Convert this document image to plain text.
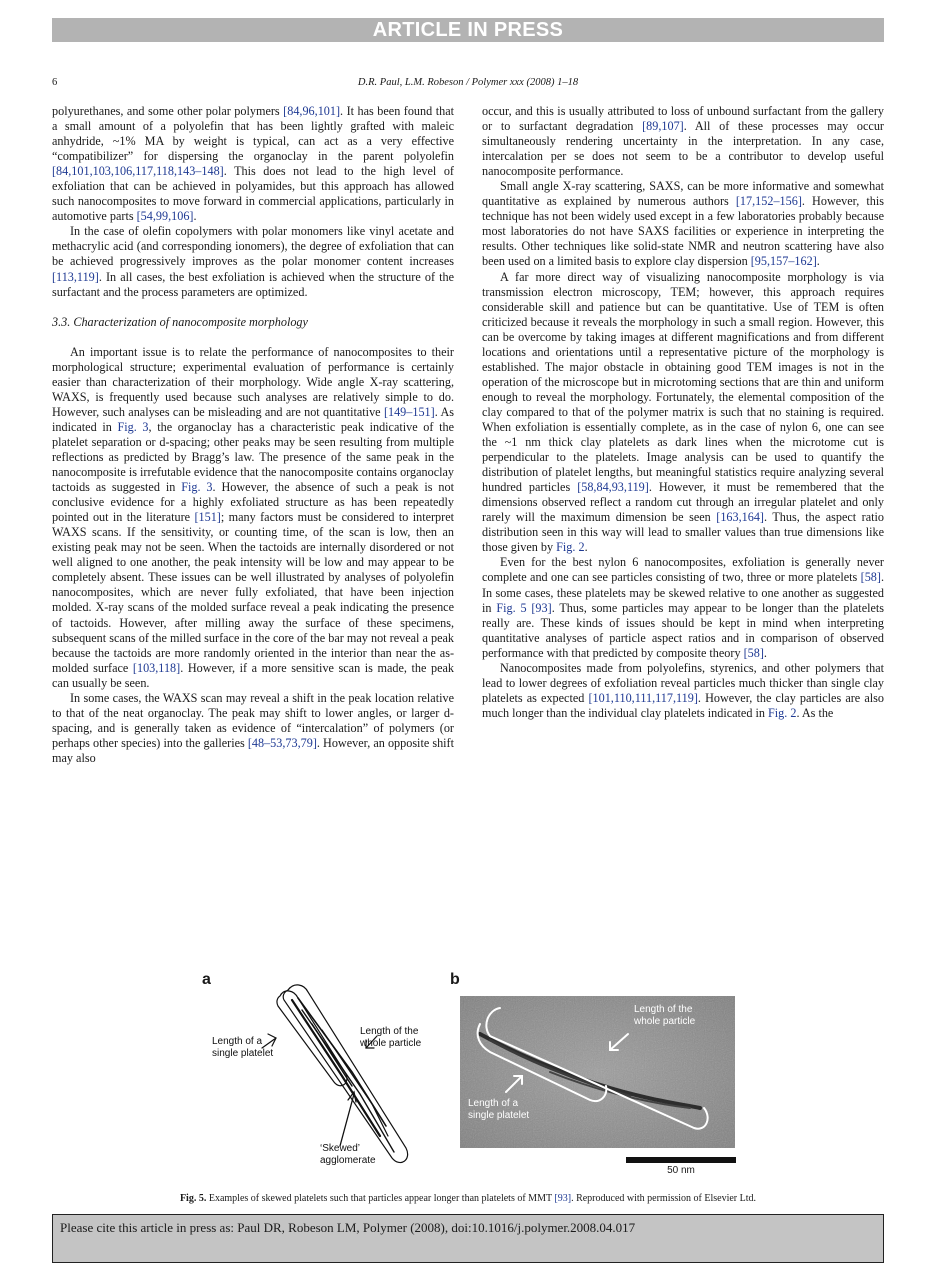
ARTICLE IN PRESS
6	D.R. Paul, L.M. Robeson / Polymer xxx (2008) 1–18

polyurethanes, and some other polar polymers [84,96,101]. It has been found that a small amount of a polyolefin that has been lightly grafted with maleic anhydride, ~1% MA by weight is typical, can act as a very effective “compatibilizer” for dispersing the organoclay in the parent polyolefin [84,101,103,106,117,118,143–148]. This does not lead to the high level of exfoliation that can be achieved in polyamides, but this approach has allowed such nanocomposites to move forward in commercial applications, particularly in automotive parts [54,99,106].

In the case of olefin copolymers with polar monomers like vinyl acetate and methacrylic acid (and corresponding ionomers), the degree of exfoliation that can be achieved progressively improves as the polar monomer content increases [113,119]. In all cases, the best exfoliation is achieved when the structure of the surfactant and the process parameters are optimized.

3.3. Characterization of nanocomposite morphology

An important issue is to relate the performance of nanocomposites to their morphological structure; experimental evaluation of performance is certainly easier than characterization of their morphology. Wide angle X-ray scattering, WAXS, is frequently used because such analyses are relatively simple to do. However, such analyses can be misleading and are not quantitative [149–151]. As indicated in Fig. 3, the organoclay has a characteristic peak indicative of the platelet separation or d-spacing; other peaks may be seen resulting from multiple reflections as predicted by Bragg’s law. The presence of the same peak in the nanocomposite is irrefutable evidence that the nanocomposite contains organoclay tactoids as suggested in Fig. 3. However, the absence of such a peak is not conclusive evidence for a highly exfoliated structure as has been repeatedly pointed out in the literature [151]; many factors must be considered to interpret WAXS scans. If the sensitivity, or counting time, of the scan is low, then an existing peak may not be seen. When the tactoids are internally disordered or not well aligned to one another, the peak intensity will be low and may appear to be completely absent. These issues can be well illustrated by analyses of polyolefin nanocomposites, which are never fully exfoliated, that have been injection molded. X-ray scans of the molded surface reveal a peak indicating the presence of tactoids. However, after milling away the surface of these specimens, subsequent scans of the milled surface in the core of the bar may not reveal a peak because the tactoids are more randomly oriented in the interior than near the as-molded surface [103,118]. However, if a more sensitive scan is made, the peak can usually be seen.

In some cases, the WAXS scan may reveal a shift in the peak location relative to that of the neat organoclay. The peak may shift to lower angles, or larger d-spacing, and is generally taken as evidence of “intercalation” of polymers (or perhaps other species) into the galleries [48–53,73,79]. However, an opposite shift may also

occur, and this is usually attributed to loss of unbound surfactant from the gallery or to surfactant degradation [89,107]. All of these processes may occur simultaneously rendering uncertainty in the interpretation. In any case, intercalation per se does not seem to be a contributor to develop useful nanocomposite performance.

Small angle X-ray scattering, SAXS, can be more informative and somewhat quantitative as explained by numerous authors [17,152–156]. However, this technique has not been widely used except in a few laboratories probably because most laboratories do not have SAXS facilities or experience in interpreting the results. Other techniques like solid-state NMR and neutron scattering have also been used on a limited basis to explore clay dispersion [95,157–162].

A far more direct way of visualizing nanocomposite morphology is via transmission electron microscopy, TEM; however, this approach requires considerable skill and patience but can be quantitative. Use of TEM is often criticized because it reveals the morphology in such a small region. However, this can be overcome by taking images at different magnifications and from different locations and orientations until a representative picture of the morphology is established. The major obstacle in obtaining good TEM images is not in the operation of the microscope but in microtoming sections that are thin and uniform enough to reveal the morphology. Fortunately, the elemental composition of the clay compared to that of the polymer matrix is such that no staining is required. When exfoliation is essentially complete, as in the case of nylon 6, one can see the ~1 nm thick clay platelets as dark lines when the microtome cut is perpendicular to the platelets. Image analysis can be used to quantify the distribution of platelet lengths, but meaningful statistics require analyzing several hundred particles [58,84,93,119]. However, it must be remembered that the dimensions observed reflect a random cut through an irregular platelet and only rarely will the maximum dimension be seen [163,164]. Thus, the aspect ratio distribution seen in this way will lead to smaller values than true dimensions like those given by Fig. 2.

Even for the best nylon 6 nanocomposites, exfoliation is generally never complete and one can see particles consisting of two, three or more platelets [58]. In some cases, these platelets may be skewed relative to one another as suggested in Fig. 5 [93]. Thus, some particles may appear to be longer than the platelets really are. These kinds of issues should be kept in mind when interpreting quantitative analyses of particle aspect ratios and in comparison of observed performance with that predicted by composite theory [58].

Nanocomposites made from polyolefins, styrenics, and other polymers that lead to lower degrees of exfoliation reveal particles much thicker than single clay platelets as expected [101,110,111,117,119]. However, the clay particles are also much longer than the individual clay platelets indicated in Fig. 2. As the

a	b
Length of the
whole particle
Length of a
single platelet
‘Skewed’
agglomerate
Length of the
whole particle
Length of a
single platelet
50 nm
Fig. 5. Examples of skewed platelets such that particles appear longer than platelets of MMT [93]. Reproduced with permission of Elsevier Ltd.
Please cite this article in press as: Paul DR, Robeson LM, Polymer (2008), doi:10.1016/j.polymer.2008.04.017
